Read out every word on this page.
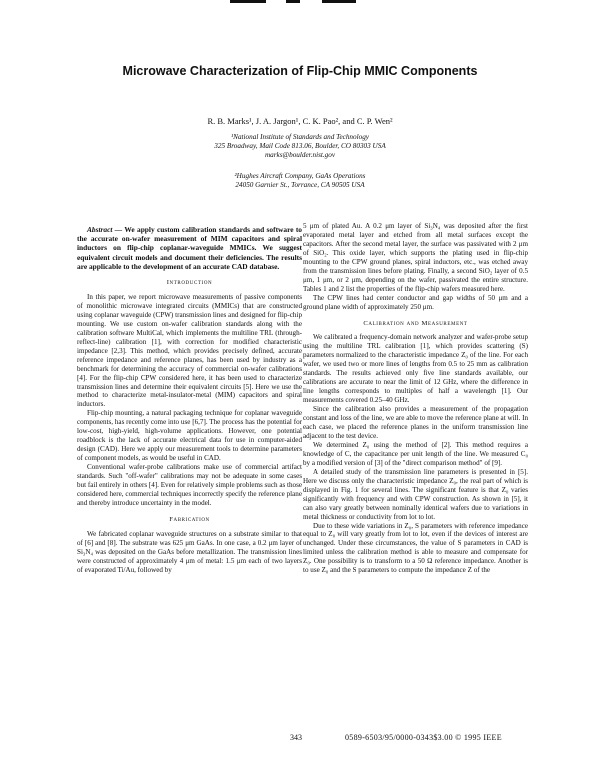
Microwave Characterization of Flip-Chip MMIC Components
R. B. Marks¹, J. A. Jargon¹, C. K. Pao², and C. P. Wen²
¹National Institute of Standards and Technology
325 Broadway, Mail Code 813.06, Boulder, CO 80303 USA
marks@boulder.nist.gov
²Hughes Aircraft Company, GaAs Operations
24050 Garnier St., Torrance, CA 90505 USA

Abstract — We apply custom calibration standards and software to the accurate on-wafer measurement of MIM capacitors and spiral inductors on flip-chip coplanar-waveguide MMICs. We suggest equivalent circuit models and document their deficiencies. The results are applicable to the development of an accurate CAD database.

Introduction

In this paper, we report microwave measurements of passive components of monolithic microwave integrated circuits (MMICs) that are constructed using coplanar waveguide (CPW) transmission lines and designed for flip-chip mounting. We use custom on-wafer calibration standards along with the calibration software MultiCal, which implements the multiline TRL (through-reflect-line) calibration [1], with correction for modified characteristic impedance [2,3]. This method, which provides precisely defined, accurate reference impedance and reference planes, has been used by industry as a benchmark for determining the accuracy of commercial on-wafer calibrations [4]. For the flip-chip CPW considered here, it has been used to characterize transmission lines and determine their equivalent circuits [5]. Here we use the method to characterize metal-insulator-metal (MIM) capacitors and spiral inductors.

Flip-chip mounting, a natural packaging technique for coplanar waveguide components, has recently come into use [6,7]. The process has the potential for low-cost, high-yield, high-volume applications. However, one potential roadblock is the lack of accurate electrical data for use in computer-aided design (CAD). Here we apply our measurement tools to determine parameters of component models, as would be useful in CAD.

Conventional wafer-probe calibrations make use of commercial artifact standards. Such "off-wafer" calibrations may not be adequate in some cases but fail entirely in others [4]. Even for relatively simple problems such as those considered here, commercial techniques incorrectly specify the reference plane and thereby introduce uncertainty in the model.

Fabrication

We fabricated coplanar waveguide structures on a substrate similar to that of [6] and [8]. The substrate was 625 μm GaAs. In one case, a 0.2 μm layer of Si₃N₄ was deposited on the GaAs before metallization. The transmission lines were constructed of approximately 4 μm of metal: 1.5 μm each of two layers of evaporated Ti/Au, followed by

5 μm of plated Au. A 0.2 μm layer of Si₃N₄ was deposited after the first evaporated metal layer and etched from all metal surfaces except the capacitors. After the second metal layer, the surface was passivated with 2 μm of SiO₂. This oxide layer, which supports the plating used in flip-chip mounting to the CPW ground planes, spiral inductors, etc., was etched away from the transmission lines before plating. Finally, a second SiO₂ layer of 0.5 μm, 1 μm, or 2 μm, depending on the wafer, passivated the entire structure. Tables 1 and 2 list the properties of the flip-chip wafers measured here.

The CPW lines had center conductor and gap widths of 50 μm and a ground plane width of approximately 250 μm.

Calibration and Measurement

We calibrated a frequency-domain network analyzer and wafer-probe setup using the multiline TRL calibration [1], which provides scattering (S) parameters normalized to the characteristic impedance Z₀ of the line. For each wafer, we used two or more lines of lengths from 0.5 to 25 mm as calibration standards. The results achieved only five line standards available, our calibrations are accurate to near the limit of 12 GHz, where the difference in line lengths corresponds to multiples of half a wavelength [1]. Our measurements covered 0.25–40 GHz.

Since the calibration also provides a measurement of the propagation constant and loss of the line, we are able to move the reference plane at will. In each case, we placed the reference planes in the uniform transmission line adjacent to the test device.

We determined Z₀ using the method of [2]. This method requires a knowledge of C, the capacitance per unit length of the line. We measured C₀ by a modified version of [3] of the "direct comparison method" of [9].

A detailed study of the transmission line parameters is presented in [5]. Here we discuss only the characteristic impedance Z₀, the real part of which is displayed in Fig. 1 for several lines. The significant feature is that Z₀ varies significantly with frequency and with CPW construction. As shown in [5], it can also vary greatly between nominally identical wafers due to variations in metal thickness or conductivity from lot to lot.

Due to these wide variations in Z₀, S parameters with reference impedance equal to Z₀ will vary greatly from lot to lot, even if the devices of interest are unchanged. Under these circumstances, the value of S parameters in CAD is limited unless the calibration method is able to measure and compensate for Z₀. One possibility is to transform to a 50 Ω reference impedance. Another is to use Z₀ and the S parameters to compute the impedance Z of the

343	0589-6503/95/0000-0343$3.00 © 1995 IEEE
